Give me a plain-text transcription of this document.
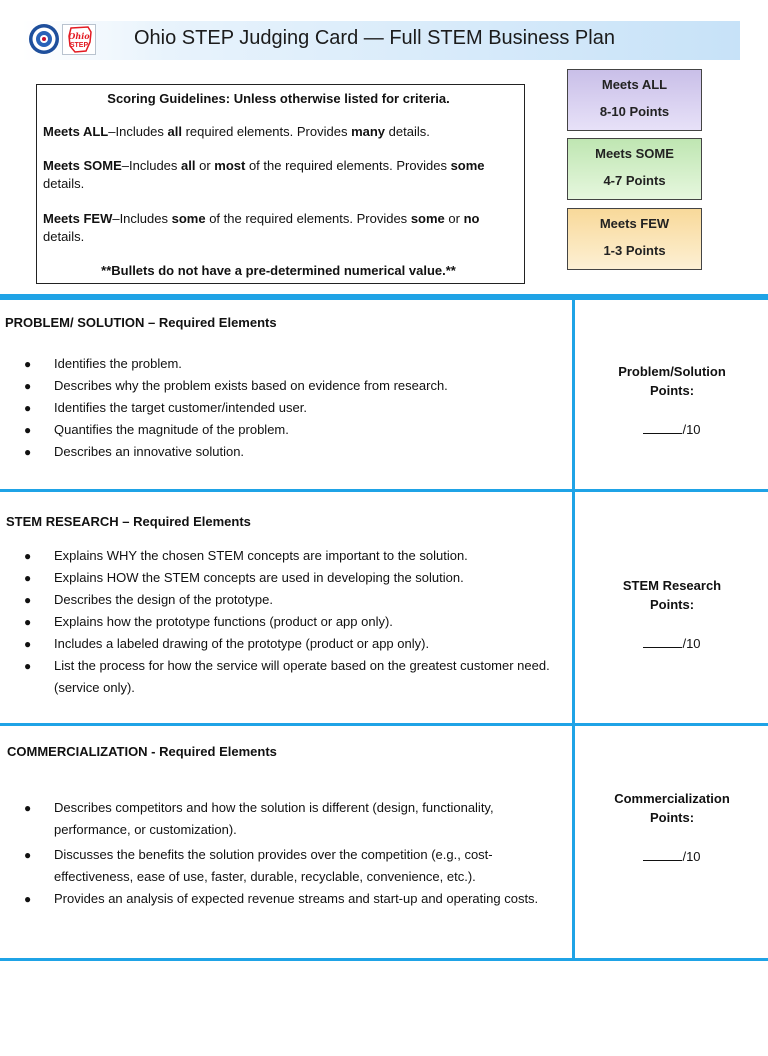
Ohio
STEP Ohio STEP Judging Card — Full STEM Business Plan

Scoring Guidelines: Unless otherwise listed for criteria.

Meets ALL–Includes all required elements. Provides many details.

Meets SOME–Includes all or most of the required elements. Provides some details.

Meets FEW–Includes some of the required elements. Provides some or no details.

**Bullets do not have a pre-determined numerical value.**

Meets ALL
8-10 Points
Meets SOME
4-7 Points
Meets FEW
1-3 Points
PROBLEM/ SOLUTION – Required Elements
● Identifies the problem.
● Describes why the problem exists based on evidence from research.
● Identifies the target customer/intended user.
● Quantifies the magnitude of the problem.
● Describes an innovative solution.
Problem/Solution
Points:
/10
STEM RESEARCH – Required Elements
● Explains WHY the chosen STEM concepts are important to the solution.
● Explains HOW the STEM concepts are used in developing the solution.
● Describes the design of the prototype.
● Explains how the prototype functions (product or app only).
● Includes a labeled drawing of the prototype (product or app only).
● List the process for how the service will operate based on the greatest customer need. (service only).
STEM Research
Points:
/10
COMMERCIALIZATION - Required Elements
● Describes competitors and how the solution is different (design, functionality, performance, or customization).
● Discusses the benefits the solution provides over the competition (e.g., cost-effectiveness, ease of use, faster, durable, recyclable, convenience, etc.).
● Provides an analysis of expected revenue streams and start-up and operating costs.
Commercialization
Points:
/10
